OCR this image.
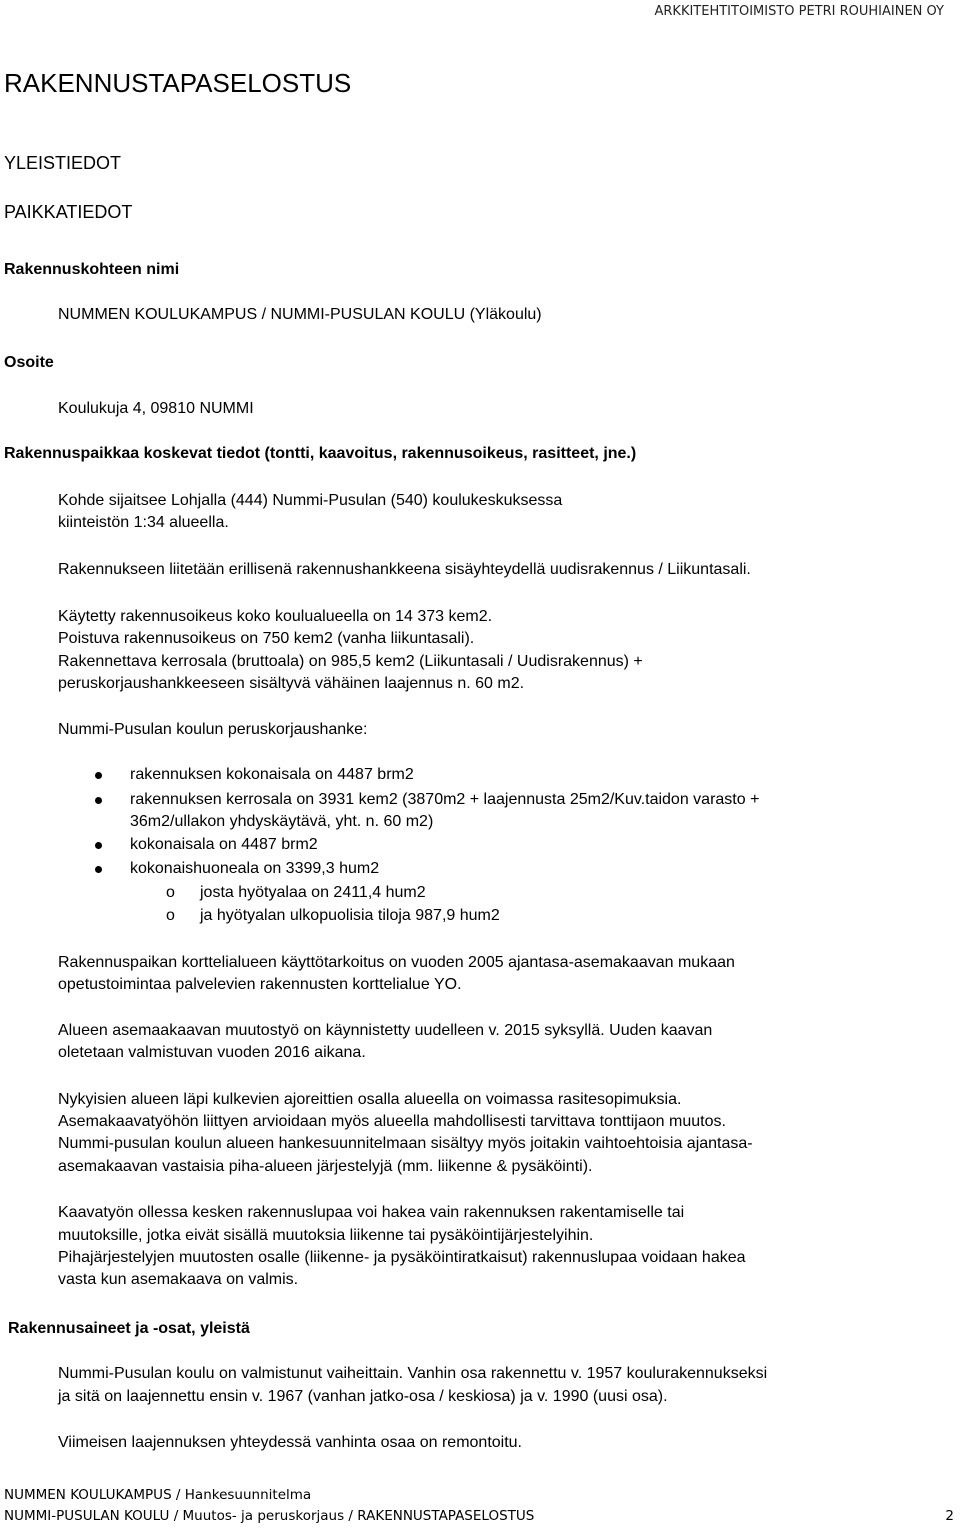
ARKKITEHTITOIMISTO PETRI ROUHIAINEN OY
RAKENNUSTAPASELOSTUS
YLEISTIEDOT
PAIKKATIEDOT
Rakennuskohteen nimi
NUMMEN KOULUKAMPUS / NUMMI-PUSULAN KOULU (Yläkoulu)
Osoite
Koulukuja 4, 09810 NUMMI
Rakennuspaikkaa koskevat tiedot (tontti, kaavoitus, rakennusoikeus, rasitteet, jne.)
Kohde sijaitsee Lohjalla (444) Nummi-Pusulan (540) koulukeskuksessa
kiinteistön 1:34 alueella.
Rakennukseen liitetään erillisenä rakennushankkeena sisäyhteydellä uudisrakennus / Liikuntasali.
Käytetty rakennusoikeus koko koulualueella on 14 373 kem2.
Poistuva rakennusoikeus on 750 kem2 (vanha liikuntasali).
Rakennettava kerrosala (bruttoala) on 985,5 kem2 (Liikuntasali / Uudisrakennus) +
peruskorjaushankkeeseen sisältyvä vähäinen laajennus n. 60 m2.
Nummi-Pusulan koulun peruskorjaushanke:
rakennuksen kokonaisala on 4487 brm2
rakennuksen kerrosala on 3931 kem2 (3870m2 + laajennusta 25m2/Kuv.taidon varasto +
36m2/ullakon yhdyskäytävä, yht. n. 60 m2)
kokonaisala on 4487 brm2
kokonaishuoneala on 3399,3 hum2
o josta hyötyalaa on 2411,4 hum2
o ja hyötyalan ulkopuolisia tiloja 987,9 hum2
Rakennuspaikan korttelialueen käyttötarkoitus on vuoden 2005 ajantasa-asemakaavan mukaan
opetustoimintaa palvelevien rakennusten korttelialue YO.
Alueen asemaakaavan muutostyö on käynnistetty uudelleen v. 2015 syksyllä. Uuden kaavan
oletetaan valmistuvan vuoden 2016 aikana.
Nykyisien alueen läpi kulkevien ajoreittien osalla alueella on voimassa rasitesopimuksia.
Asemakaavatyöhön liittyen arvioidaan myös alueella mahdollisesti tarvittava tonttijaon muutos.
Nummi-pusulan koulun alueen hankesuunnitelmaan sisältyy myös joitakin vaihtoehtoisia ajantasa-
asemakaavan vastaisia piha-alueen järjestelyjä (mm. liikenne & pysäköinti).
Kaavatyön ollessa kesken rakennuslupaa voi hakea vain rakennuksen rakentamiselle tai
muutoksille, jotka eivät sisällä muutoksia liikenne tai pysäköintijärjestelyihin.
Pihajärjestelyjen muutosten osalle (liikenne- ja pysäköintiratkaisut) rakennuslupaa voidaan hakea
vasta kun asemakaava on valmis.
Rakennusaineet ja -osat, yleistä
Nummi-Pusulan koulu on valmistunut vaiheittain. Vanhin osa rakennettu v. 1957 koulurakennukseksi
ja sitä on laajennettu ensin v. 1967 (vanhan jatko-osa / keskiosa) ja v. 1990 (uusi osa).
Viimeisen laajennuksen yhteydessä vanhinta osaa on remontoitu.
NUMMEN KOULUKAMPUS / Hankesuunnitelma
NUMMI-PUSULAN KOULU / Muutos- ja peruskorjaus / RAKENNUSTAPASELOSTUS	2
